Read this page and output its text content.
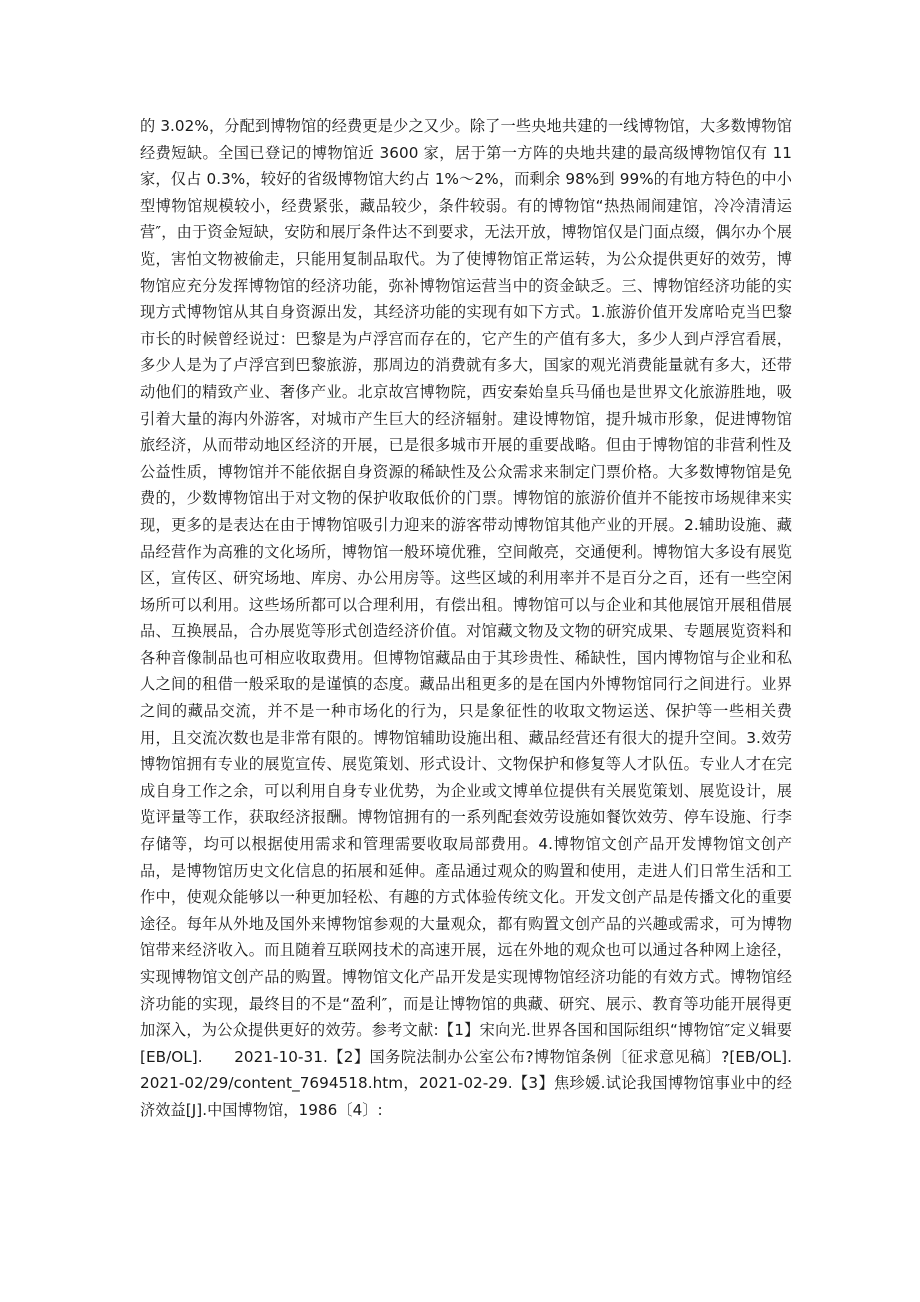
的 3.02%，分配到博物馆的经费更是少之又少。除了一些央地共建的一线博物馆，大多数博物馆经费短缺。全国已登记的博物馆近 3600 家，居于第一方阵的央地共建的最高级博物馆仅有 11 家，仅占 0.3%，较好的省级博物馆大约占 1%～2%，而剩余 98%到 99%的有地方特色的中小型博物馆规模较小，经费紧张，藏品较少，条件较弱。有的博物馆“热热闹闹建馆，冷冷清清运营″，由于资金短缺，安防和展厅条件达不到要求，无法开放，博物馆仅是门面点缀，偶尔办个展览，害怕文物被偷走，只能用复制品取代。为了使博物馆正常运转，为公众提供更好的效劳，博物馆应充分发挥博物馆的经济功能，弥补博物馆运营当中的资金缺乏。三、博物馆经济功能的实现方式博物馆从其自身资源出发，其经济功能的实现有如下方式。1.旅游价值开发席哈克当巴黎市长的时候曾经说过：巴黎是为卢浮宫而存在的，它产生的产值有多大，多少人到卢浮宫看展，多少人是为了卢浮宫到巴黎旅游，那周边的消费就有多大，国家的观光消费能量就有多大，还带动他们的精致产业、奢侈产业。北京故宫博物院，西安秦始皇兵马俑也是世界文化旅游胜地，吸引着大量的海内外游客，对城市产生巨大的经济辐射。建设博物馆，提升城市形象，促进博物馆旅经济，从而带动地区经济的开展，已是很多城市开展的重要战略。但由于博物馆的非营利性及公益性质，博物馆并不能依据自身资源的稀缺性及公众需求来制定门票价格。大多数博物馆是免费的，少数博物馆出于对文物的保护收取低价的门票。博物馆的旅游价值并不能按市场规律来实现，更多的是表达在由于博物馆吸引力迎来的游客带动博物馆其他产业的开展。2.辅助设施、藏品经营作为高雅的文化场所，博物馆一般环境优雅，空间敞亮，交通便利。博物馆大多设有展览区，宣传区、研究场地、库房、办公用房等。这些区域的利用率并不是百分之百，还有一些空闲场所可以利用。这些场所都可以合理利用，有偿出租。博物馆可以与企业和其他展馆开展租借展品、互换展品，合办展览等形式创造经济价值。对馆藏文物及文物的研究成果、专题展览资料和各种音像制品也可相应收取费用。但博物馆藏品由于其珍贵性、稀缺性，国内博物馆与企业和私人之间的租借一般采取的是谨慎的态度。藏品出租更多的是在国内外博物馆同行之间进行。业界之间的藏品交流，并不是一种市场化的行为，只是象征性的收取文物运送、保护等一些相关费用，且交流次数也是非常有限的。博物馆辅助设施出租、藏品经营还有很大的提升空间。3.效劳博物馆拥有专业的展览宣传、展览策划、形式设计、文物保护和修复等人才队伍。专业人才在完成自身工作之余，可以利用自身专业优势，为企业或文博单位提供有关展览策划、展览设计，展览评量等工作，获取经济报酬。博物馆拥有的一系列配套效劳设施如餐饮效劳、停车设施、行李存储等，均可以根据使用需求和管理需要收取局部费用。4.博物馆文创产品开发博物馆文创产品，是博物馆历史文化信息的拓展和延伸。產品通过观众的购置和使用，走进人们日常生活和工作中，使观众能够以一种更加轻松、有趣的方式体验传统文化。开发文创产品是传播文化的重要途径。每年从外地及国外来博物馆参观的大量观众，都有购置文创产品的兴趣或需求，可为博物馆带来经济收入。而且随着互联网技术的高速开展，远在外地的观众也可以通过各种网上途径，实现博物馆文创产品的购置。博物馆文化产品开发是实现博物馆经济功能的有效方式。博物馆经济功能的实现，最终目的不是“盈利″，而是让博物馆的典藏、研究、展示、教育等功能开展得更加深入，为公众提供更好的效劳。参考文献:【1】宋向光.世界各国和国际组织“博物馆″定义辑要[EB/OL].　　2021-10-31.【2】国务院法制办公室公布?博物馆条例〔征求意见稿〕?[EB/OL].　　2021-02/29/content_7694518.htm，2021-02-29.【3】焦珍媛.试论我国博物馆事业中的经济效益[J].中国博物馆，1986〔4〕:
